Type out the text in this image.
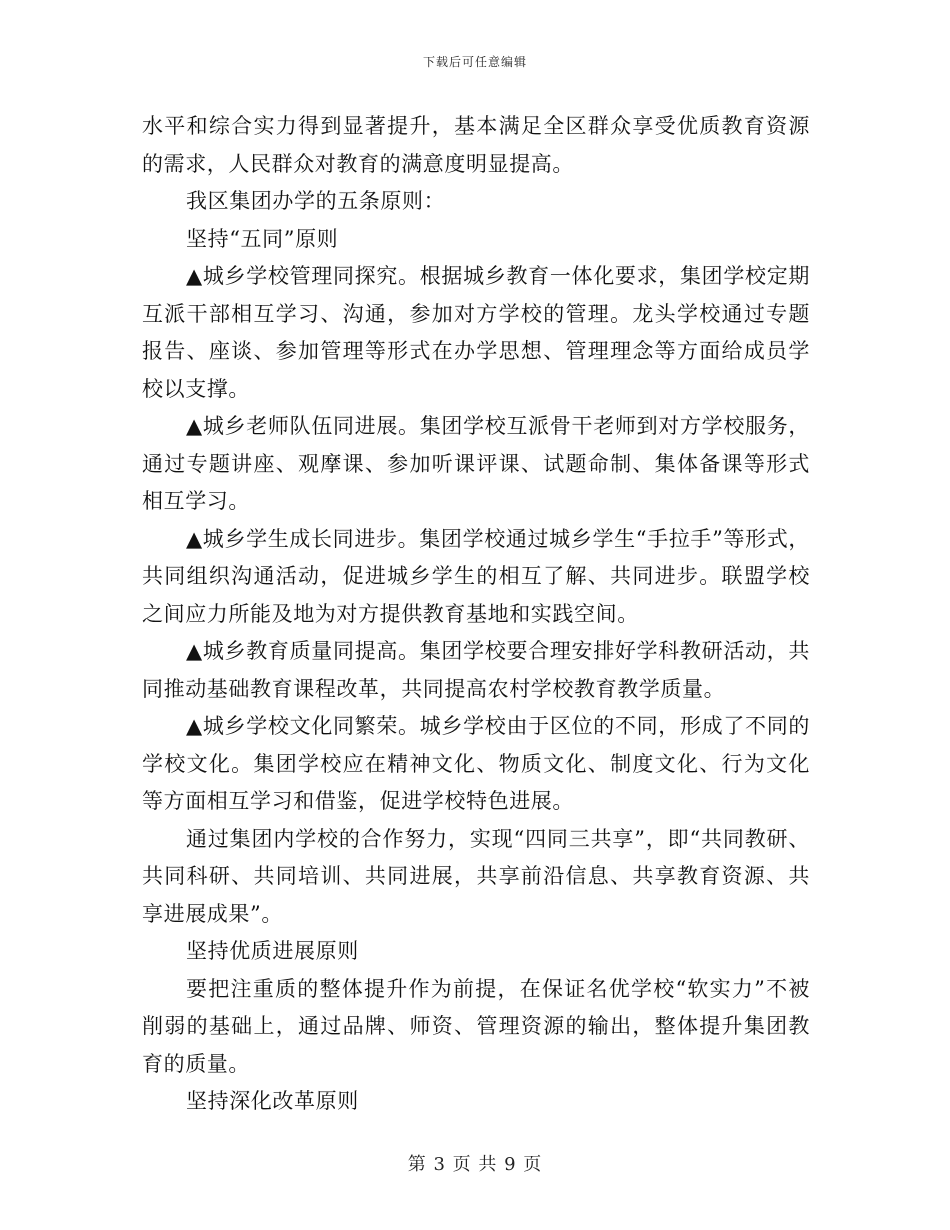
下载后可任意编辑

水平和综合实力得到显著提升，基本满足全区群众享受优质教育资源的需求，人民群众对教育的满意度明显提高。

我区集团办学的五条原则：

坚持“五同”原则

▲城乡学校管理同探究。根据城乡教育一体化要求，集团学校定期互派干部相互学习、沟通，参加对方学校的管理。龙头学校通过专题报告、座谈、参加管理等形式在办学思想、管理理念等方面给成员学校以支撑。

▲城乡老师队伍同进展。集团学校互派骨干老师到对方学校服务，通过专题讲座、观摩课、参加听课评课、试题命制、集体备课等形式相互学习。

▲城乡学生成长同进步。集团学校通过城乡学生“手拉手”等形式，共同组织沟通活动，促进城乡学生的相互了解、共同进步。联盟学校之间应力所能及地为对方提供教育基地和实践空间。

▲城乡教育质量同提高。集团学校要合理安排好学科教研活动，共同推动基础教育课程改革，共同提高农村学校教育教学质量。

▲城乡学校文化同繁荣。城乡学校由于区位的不同，形成了不同的学校文化。集团学校应在精神文化、物质文化、制度文化、行为文化等方面相互学习和借鉴，促进学校特色进展。

通过集团内学校的合作努力，实现“四同三共享”，即“共同教研、共同科研、共同培训、共同进展，共享前沿信息、共享教育资源、共享进展成果”。

坚持优质进展原则

要把注重质的整体提升作为前提，在保证名优学校“软实力”不被削弱的基础上，通过品牌、师资、管理资源的输出，整体提升集团教育的质量。

坚持深化改革原则

第 3 页 共 9 页
